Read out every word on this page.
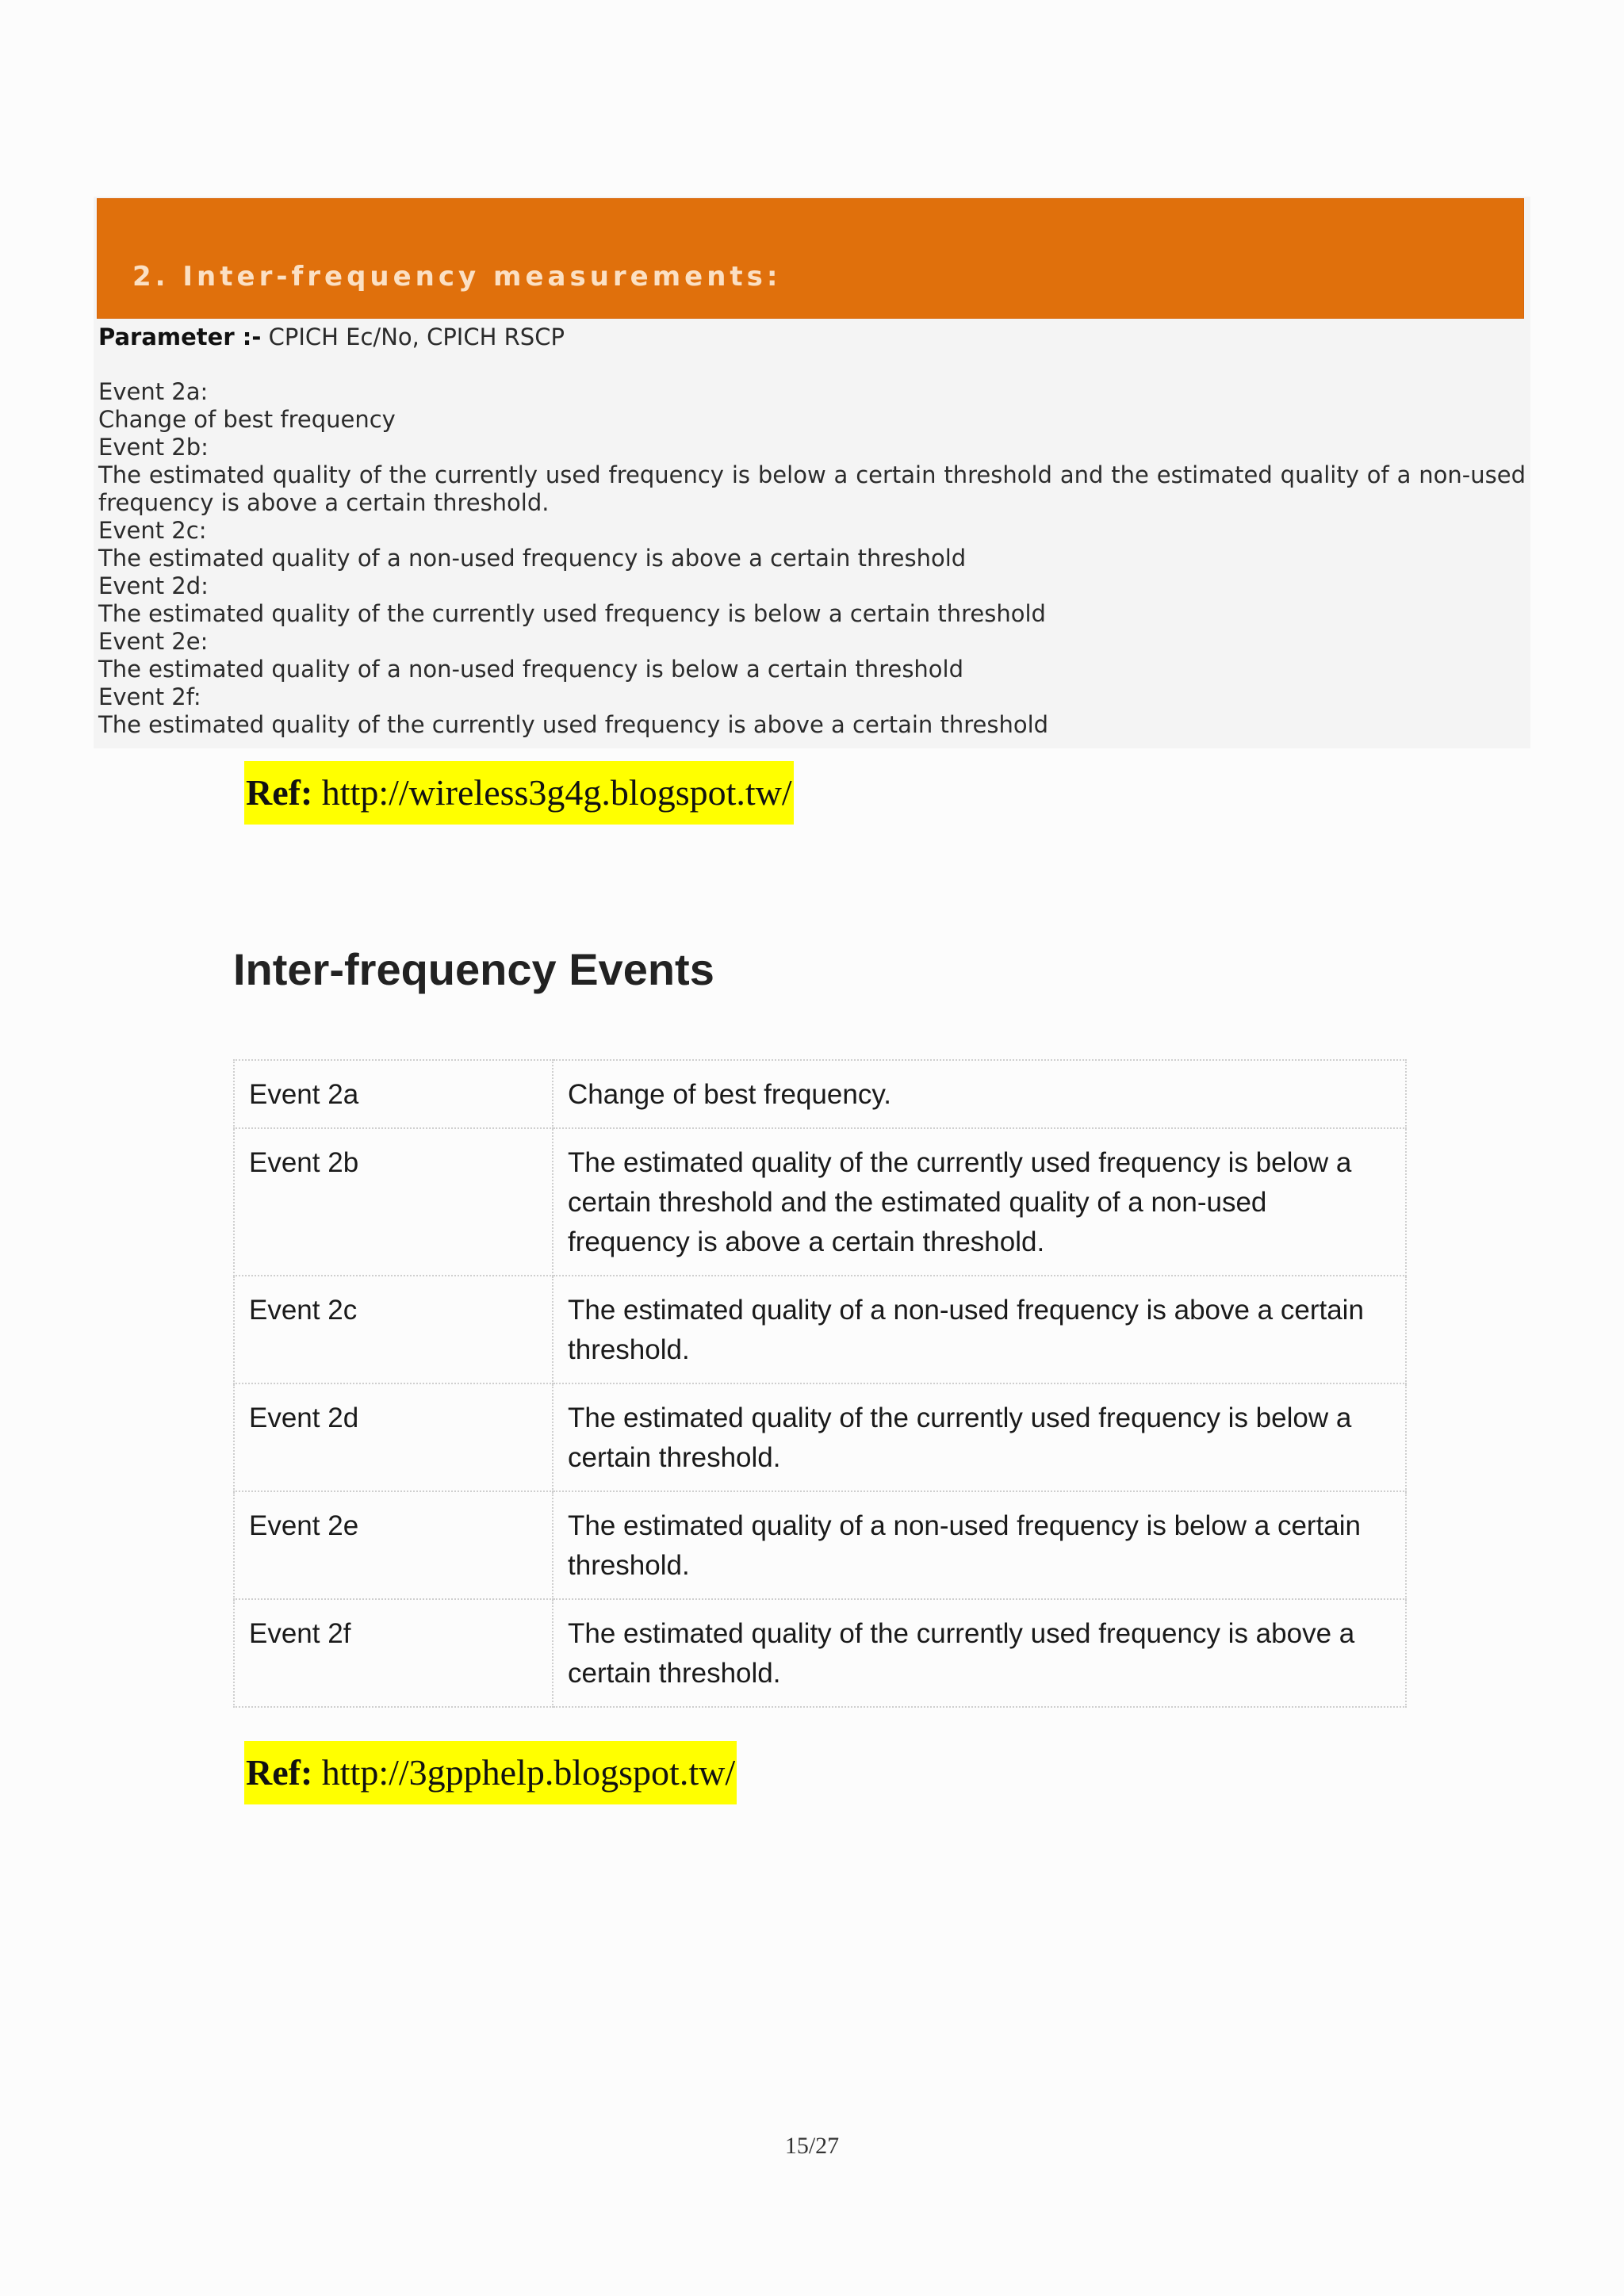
2. Inter-frequency measurements:
Parameter :- CPICH Ec/No, CPICH RSCP
Event 2a:
Change of best frequency
Event 2b:
The estimated quality of the currently used frequency is below a certain threshold and the estimated quality of a non-used frequency is above a certain threshold.
Event 2c:
The estimated quality of a non-used frequency is above a certain threshold
Event 2d:
The estimated quality of the currently used frequency is below a certain threshold
Event 2e:
The estimated quality of a non-used frequency is below a certain threshold
Event 2f:
The estimated quality of the currently used frequency is above a certain threshold
Ref: http://wireless3g4g.blogspot.tw/
Inter-frequency Events
Event 2a	Change of best frequency.
Event 2b	The estimated quality of the currently used frequency is below a certain threshold and the estimated quality of a non-used frequency is above a certain threshold.
Event 2c	The estimated quality of a non-used frequency is above a certain threshold.
Event 2d	The estimated quality of the currently used frequency is below a certain threshold.
Event 2e	The estimated quality of a non-used frequency is below a certain threshold.
Event 2f	The estimated quality of the currently used frequency is above a certain threshold.
Ref: http://3gpphelp.blogspot.tw/
15/27
